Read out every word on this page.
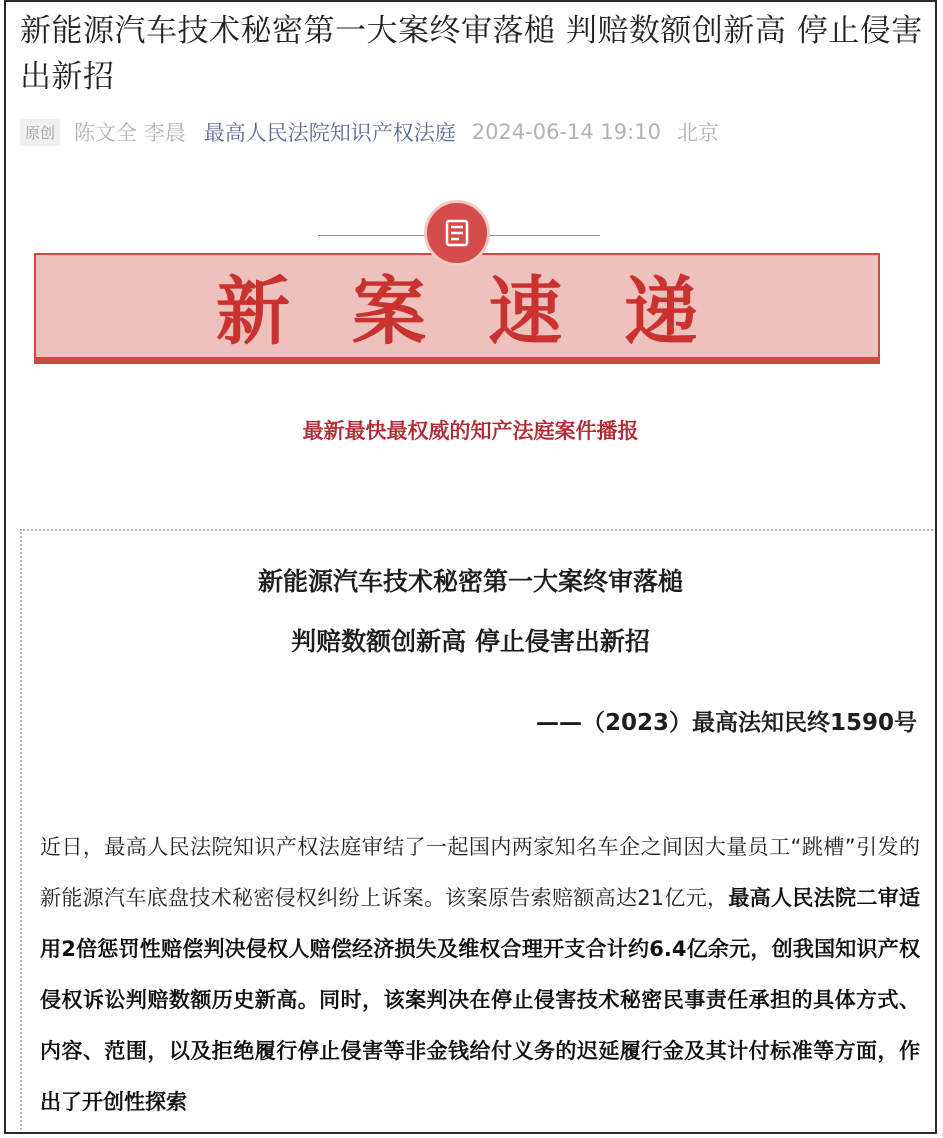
新能源汽车技术秘密第一大案终审落槌 判赔数额创新高 停止侵害出新招
原创 陈文全 李晨 最高人民法院知识产权法庭 2024-06-14 19:10 北京
新案速递
最新最快最权威的知产法庭案件播报
新能源汽车技术秘密第一大案终审落槌
判赔数额创新高 停止侵害出新招
——（2023）最高法知民终1590号

近日，最高人民法院知识产权法庭审结了一起国内两家知名车企之间因大量员工“跳槽”引发的新能源汽车底盘技术秘密侵权纠纷上诉案。该案原告索赔额高达21亿元，最高人民法院二审适用2倍惩罚性赔偿判决侵权人赔偿经济损失及维权合理开支合计约6.4亿余元，创我国知识产权侵权诉讼判赔数额历史新高。同时，该案判决在停止侵害技术秘密民事责任承担的具体方式、内容、范围，以及拒绝履行停止侵害等非金钱给付义务的迟延履行金及其计付标准等方面，作出了开创性探索
